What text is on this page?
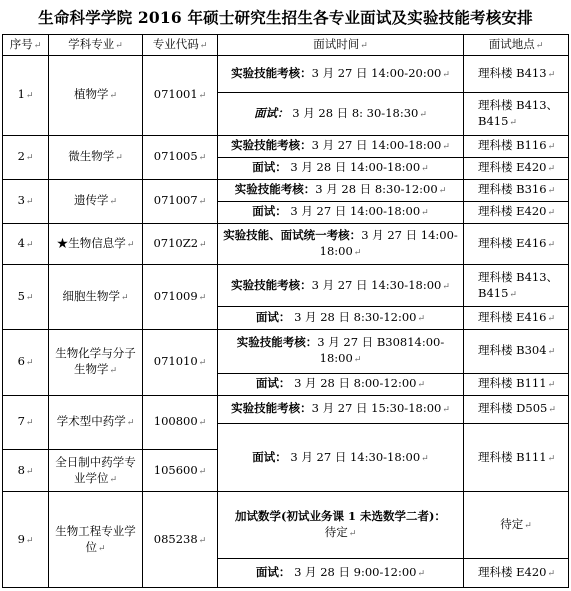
生命科学学院 2016 年硕士研究生招生各专业面试及实验技能考核安排
序号↵	学科专业↵	专业代码↵	面试时间↵	面试地点↵
1↵	植物学↵	071001↵	实验技能考核：3 月 27 日 14:00-20:00↵	理科楼 B413↵
			面试： 3 月 28 日 8: 30-18:30↵	理科楼 B413、B415↵
2↵	微生物学↵	071005↵	实验技能考核：3 月 27 日 14:00-18:00↵	理科楼 B116↵
			面试： 3 月 28 日 14:00-18:00↵	理科楼 E420↵
3↵	遗传学↵	071007↵	实验技能考核：3 月 28 日 8:30-12:00↵	理科楼 B316↵
			面试： 3 月 27 日 14:00-18:00↵	理科楼 E420↵
4↵	★生物信息学↵	0710Z2↵	实验技能、面试统一考核：3 月 27 日 14:00-18:00↵	理科楼 E416↵
5↵	细胞生物学↵	071009↵	实验技能考核：3 月 27 日 14:30-18:00↵	理科楼 B413、B415↵
			面试： 3 月 28 日 8:30-12:00↵	理科楼 E416↵
6↵	生物化学与分子生物学↵	071010↵	实验技能考核：3 月 27 日 B30814:00-18:00↵	理科楼 B304↵
			面试： 3 月 28 日 8:00-12:00↵	理科楼 B111↵
7↵	学术型中药学↵	100800↵	实验技能考核：3 月 27 日 15:30-18:00↵	理科楼 D505↵
			面试： 3 月 27 日 14:30-18:00↵	理科楼 B111↵
8↵	全日制中药学专业学位↵	105600↵		
9↵	生物工程专业学位↵	085238↵	加试数学(初试业务课 1 未选数学二者)：
待定↵	待定↵
			面试： 3 月 28 日 9:00-12:00↵	理科楼 E420↵
